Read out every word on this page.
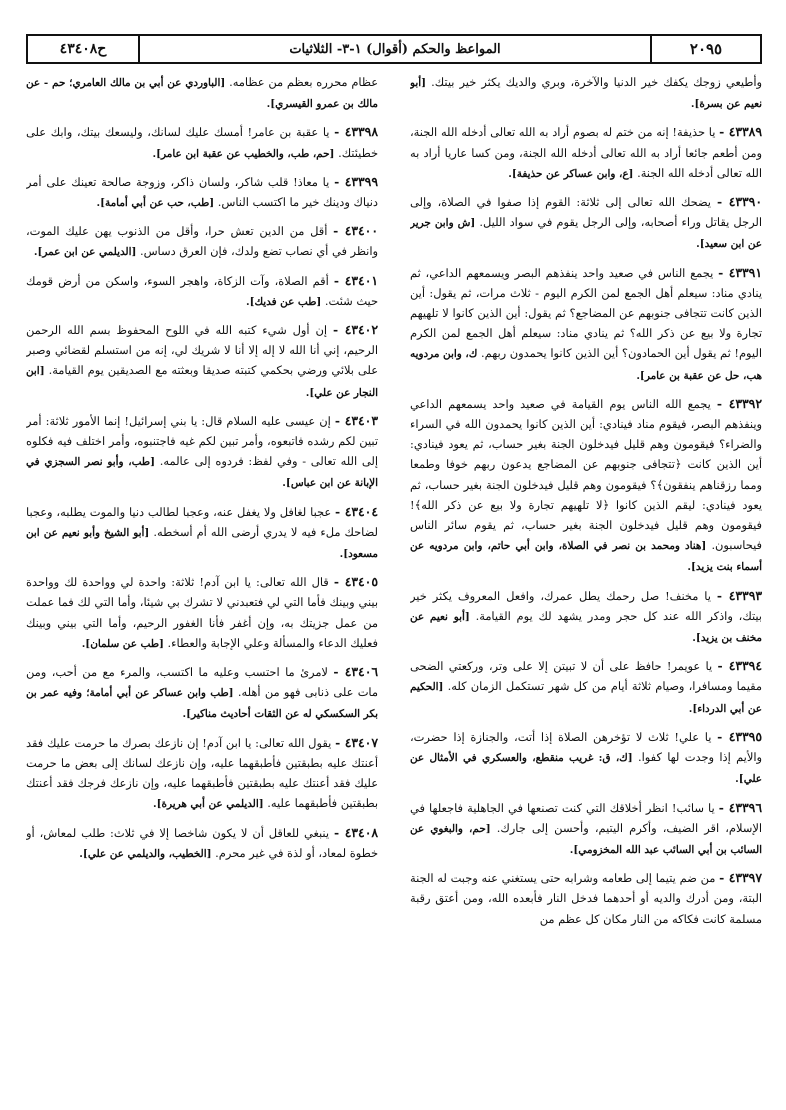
٢٠٩٥
المواعظ والحكم (أقوال) ١-٣- الثلاثيات
ح٤٣٤٠٨

وأطيعي زوجك يكفك خير الدنيا والآخرة، وبري والديك يكثر خير بيتك. [أبو نعيم عن بسرة].

٤٣٣٨٩ - يا حذيفة! إنه من ختم له بصوم أراد به الله تعالى أدخله الله الجنة، ومن أطعم جائعا أراد به الله تعالى أدخله الله الجنة، ومن كسا عاريا أراد به الله تعالى أدخله الله الجنة. [ع، وابن عساكر عن حذيفة].

٤٣٣٩٠ - يضحك الله تعالى إلى ثلاثة: القوم إذا صفوا في الصلاة، وإلى الرجل يقاتل وراء أصحابه، وإلى الرجل يقوم في سواد الليل. [ش وابن جرير عن ابن سعيد].

٤٣٣٩١ - يجمع الناس في صعيد واحد ينفذهم البصر ويسمعهم الداعي، ثم ينادي مناد: سيعلم أهل الجمع لمن الكرم اليوم - ثلاث مرات، ثم يقول: أين الذين كانت تتجافى جنوبهم عن المضاجع؟ ثم يقول: أين الذين كانوا لا تلهيهم تجارة ولا بيع عن ذكر الله؟ ثم ينادي مناد: سيعلم أهل الجمع لمن الكرم اليوم! ثم يقول أين الحمادون؟ أين الذين كانوا يحمدون ربهم. ك، وابن مردويه هب، حل عن عقبة بن عامر].

٤٣٣٩٢ - يجمع الله الناس يوم القيامة في صعيد واحد يسمعهم الداعي وينفذهم البصر، فيقوم مناد فينادي: أين الذين كانوا يحمدون الله في السراء والضراء؟ فيقومون وهم قليل فيدخلون الجنة بغير حساب، ثم يعود فينادي: أين الذين كانت ﴿تتجافى جنوبهم عن المضاجع يدعون ربهم خوفا وطمعا ومما رزقناهم ينفقون﴾؟ فيقومون وهم قليل فيدخلون الجنة بغير حساب، ثم يعود فينادي: ليقم الذين كانوا ﴿لا تلهيهم تجارة ولا بيع عن ذكر الله﴾! فيقومون وهم قليل فيدخلون الجنة بغير حساب، ثم يقوم سائر الناس فيحاسبون. [هناد ومحمد بن نصر في الصلاة، وابن أبي حاتم، وابن مردويه عن أسماء بنت يزيد].

٤٣٣٩٣ - يا مخنف! صل رحمك يطل عمرك، وافعل المعروف يكثر خير بيتك، واذكر الله عند كل حجر ومدر يشهد لك يوم القيامة. [أبو نعيم عن مخنف بن يزيد].

٤٣٣٩٤ - يا عويمر! حافظ على أن لا تبيتن إلا على وتر، وركعتي الضحى مقيما ومسافرا، وصيام ثلاثة أيام من كل شهر تستكمل الزمان كله. [الحكيم عن أبي الدرداء].

٤٣٣٩٥ - يا علي! ثلاث لا تؤخرهن الصلاة إذا أتت، والجنازة إذا حضرت، والأيم إذا وجدت لها كفوا. [ك، ق: غريب منقطع، والعسكري في الأمثال عن علي].

٤٣٣٩٦ - يا سائب! انظر أخلاقك التي كنت تصنعها في الجاهلية فاجعلها في الإسلام، اقر الضيف، وأكرم اليتيم، وأحسن إلى جارك. [حم، والبغوي عن السائب بن أبي السائب عبد الله المخزومي].

٤٣٣٩٧ - من ضم يتيما إلى طعامه وشرابه حتى يستغني عنه وجبت له الجنة البتة، ومن أدرك والديه أو أحدهما فدخل النار فأبعده الله، ومن أعتق رقبة مسلمة كانت فكاكه من النار مكان كل عظم من

عظام محرره بعظم من عظامه. [الباوردي عن أبي بن مالك العامري؛ حم - عن مالك بن عمرو القيسري].

٤٣٣٩٨ - يا عقبة بن عامر! أمسك عليك لسانك، وليسعك بيتك، وابك على خطيئتك. [حم، طب، والخطيب عن عقبة ابن عامر].

٤٣٣٩٩ - يا معاذ! قلب شاكر، ولسان ذاكر، وزوجة صالحة تعينك على أمر دنياك ودينك خير ما اكتسب الناس. [طب، حب عن أبي أمامة].

٤٣٤٠٠ - أقل من الدين تعش حرا، وأقل من الذنوب يهن عليك الموت، وانظر في أي نصاب تضع ولدك، فإن العرق دساس. [الديلمي عن ابن عمر].

٤٣٤٠١ - أقم الصلاة، وآت الزكاة، واهجر السوء، واسكن من أرض قومك حيث شئت. [طب عن فديك].

٤٣٤٠٢ - إن أول شيء كتبه الله في اللوح المحفوظ بسم الله الرحمن الرحيم، إني أنا الله لا إله إلا أنا لا شريك لي، إنه من استسلم لقضائي وصبر على بلائي ورضي بحكمي كتبته صديقا وبعثته مع الصديقين يوم القيامة. [ابن النجار عن علي].

٤٣٤٠٣ - إن عيسى عليه السلام قال: يا بني إسرائيل! إنما الأمور ثلاثة: أمر تبين لكم رشده فاتبعوه، وأمر تبين لكم غيه فاجتنبوه، وأمر اختلف فيه فكلوه إلى الله تعالى - وفي لفظ: فردوه إلى عالمه. [طب، وأبو نصر السجزي في الإبانة عن ابن عباس].

٤٣٤٠٤ - عجبا لغافل ولا يغفل عنه، وعجبا لطالب دنيا والموت يطلبه، وعجبا لضاحك ملء فيه لا يدري أرضى الله أم أسخطه. [أبو الشيخ وأبو نعيم عن ابن مسعود].

٤٣٤٠٥ - قال الله تعالى: يا ابن آدم! ثلاثة: واحدة لي وواحدة لك وواحدة بيني وبينك فأما التي لي فتعبدني لا تشرك بي شيئا، وأما التي لك فما عملت من عمل جزيتك به، وإن أغفر فأنا الغفور الرحيم، وأما التي بيني وبينك فعليك الدعاء والمسألة وعلي الإجابة والعطاء. [طب عن سلمان].

٤٣٤٠٦ - لامرئ ما احتسب وعليه ما اكتسب، والمرء مع من أحب، ومن مات على ذنابى فهو من أهله. [طب وابن عساكر عن أبي أمامة؛ وفيه عمر بن بكر السكسكي له عن الثقات أحاديث مناكير].

٤٣٤٠٧ - يقول الله تعالى: يا ابن آدم! إن نازعك بصرك ما حرمت عليك فقد أعنتك عليه بطبقتين فأطبقهما عليه، وإن نازعك لسانك إلى بعض ما حرمت عليك فقد أعنتك عليه بطبقتين فأطبقهما عليه، وإن نازعك فرجك فقد أعنتك بطبقتين فأطبقهما عليه. [الديلمي عن أبي هريرة].

٤٣٤٠٨ - ينبغي للعاقل أن لا يكون شاخصا إلا في ثلاث: طلب لمعاش، أو خطوة لمعاد، أو لذة في غير محرم. [الخطيب، والديلمي عن علي].
